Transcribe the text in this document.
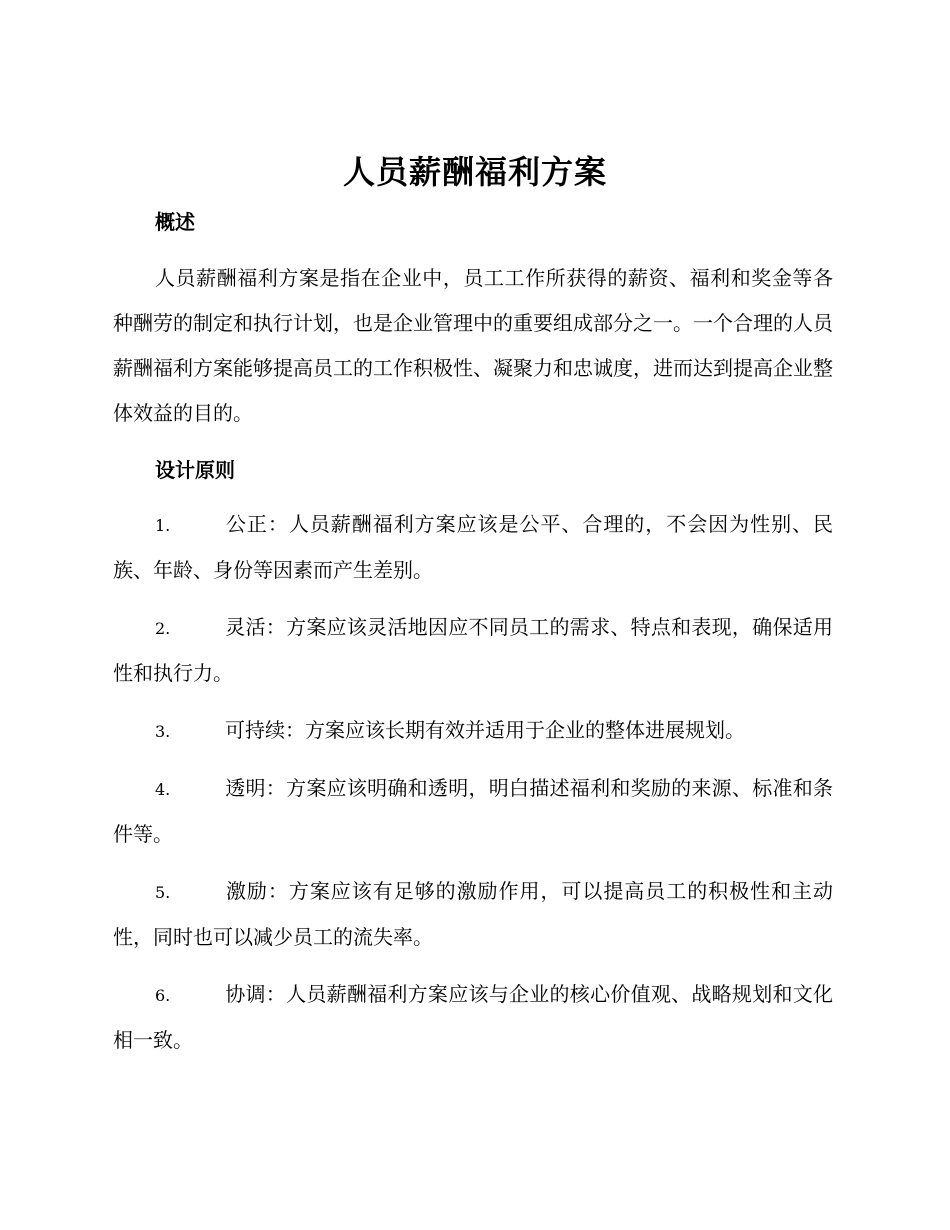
人员薪酬福利方案

概述

人员薪酬福利方案是指在企业中，员工工作所获得的薪资、福利和奖金等各种酬劳的制定和执行计划，也是企业管理中的重要组成部分之一。一个合理的人员薪酬福利方案能够提高员工的工作积极性、凝聚力和忠诚度，进而达到提高企业整体效益的目的。

设计原则

1.	公正：人员薪酬福利方案应该是公平、合理的，不会因为性别、民族、年龄、身份等因素而产生差别。

2.	灵活：方案应该灵活地因应不同员工的需求、特点和表现，确保适用性和执行力。

3.	可持续：方案应该长期有效并适用于企业的整体进展规划。

4.	透明：方案应该明确和透明，明白描述福利和奖励的来源、标准和条件等。

5.	激励：方案应该有足够的激励作用，可以提高员工的积极性和主动性，同时也可以减少员工的流失率。

6.	协调：人员薪酬福利方案应该与企业的核心价值观、战略规划和文化相一致。
